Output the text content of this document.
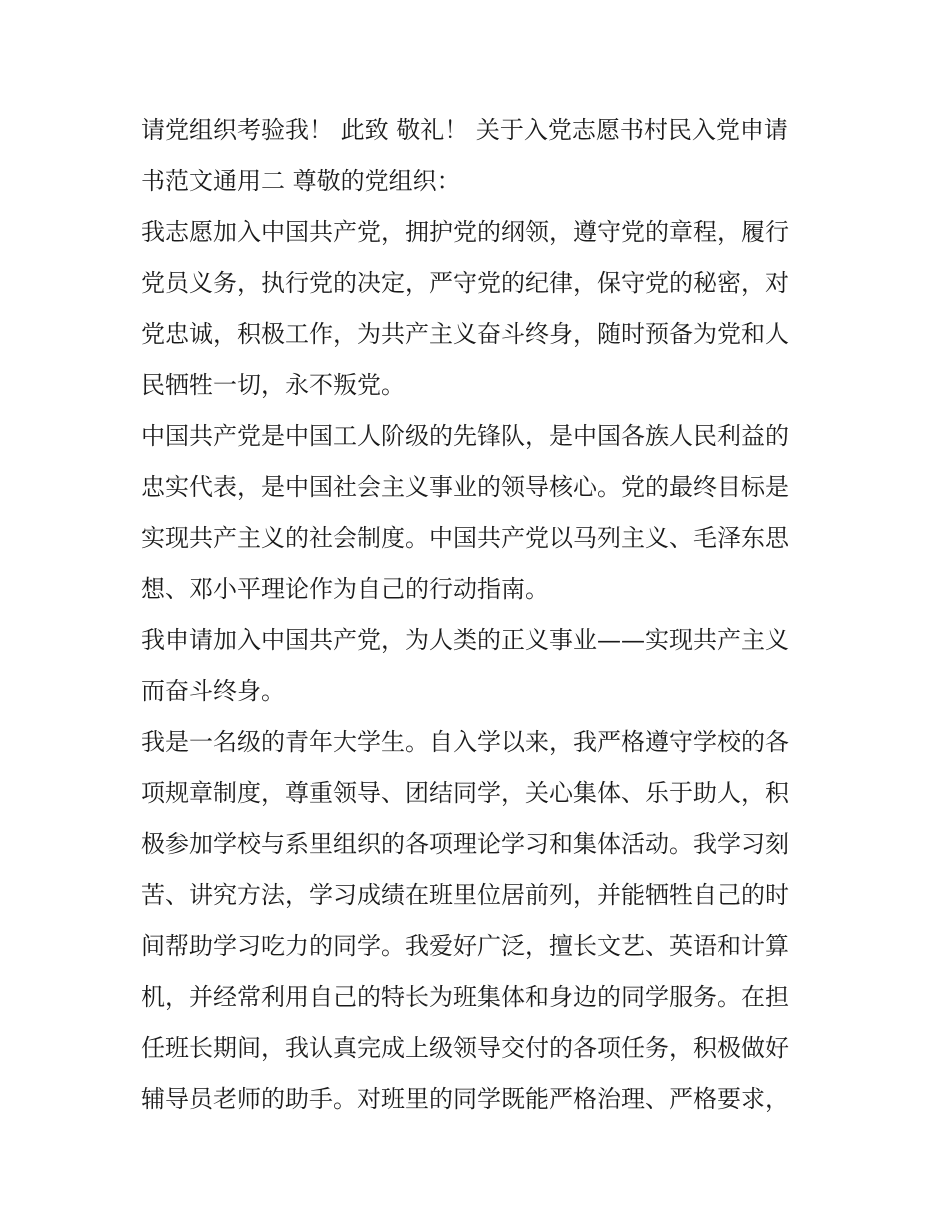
请党组织考验我！ 此致 敬礼！ 关于入党志愿书村民入党申请
书范文通用二 尊敬的党组织：
我志愿加入中国共产党，拥护党的纲领，遵守党的章程，履行
党员义务，执行党的决定，严守党的纪律，保守党的秘密，对
党忠诚，积极工作，为共产主义奋斗终身，随时预备为党和人
民牺牲一切，永不叛党。
中国共产党是中国工人阶级的先锋队，是中国各族人民利益的
忠实代表，是中国社会主义事业的领导核心。党的最终目标是
实现共产主义的社会制度。中国共产党以马列主义、毛泽东思
想、邓小平理论作为自己的行动指南。
我申请加入中国共产党，为人类的正义事业——实现共产主义
而奋斗终身。
我是一名级的青年大学生。自入学以来，我严格遵守学校的各
项规章制度，尊重领导、团结同学，关心集体、乐于助人，积
极参加学校与系里组织的各项理论学习和集体活动。我学习刻
苦、讲究方法，学习成绩在班里位居前列，并能牺牲自己的时
间帮助学习吃力的同学。我爱好广泛，擅长文艺、英语和计算
机，并经常利用自己的特长为班集体和身边的同学服务。在担
任班长期间，我认真完成上级领导交付的各项任务，积极做好
辅导员老师的助手。对班里的同学既能严格治理、严格要求，
